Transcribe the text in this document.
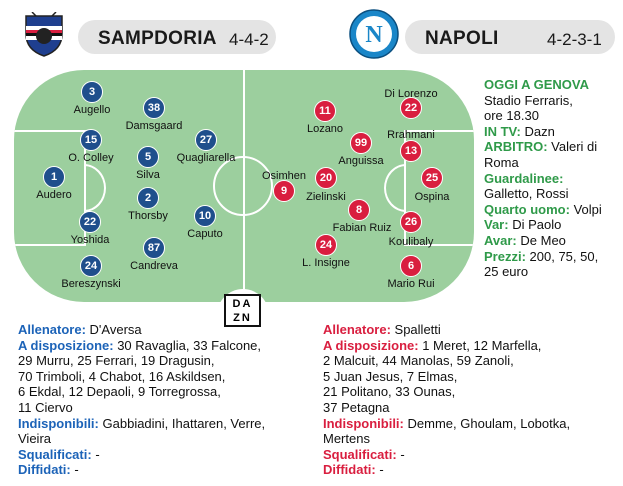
SAMPDORIA 4-4-2	N NAPOLI	4-2-3-1
DAZN
3
Augello	38
Damsgaard
15
O. Colley	5
Silva
27
Quagliarella
1
Audero	2
Thorsby
22
Yoshida
10
Caputo
87
Candreva
24
Bereszynski
11
Lozano
22
Di Lorenzo
99
Anguissa
13
Rrahmani
9
Osimhen	20
Zielinski
25
Ospina
8
Fabian Ruiz	26
Koulibaly
24
L. Insigne	6
Mario Rui
OGGI A GENOVA
Stadio Ferraris,
ore 18.30
IN TV: Dazn
ARBITRO: Valeri di
Roma
Guardalinee:
Galletto, Rossi
Quarto uomo: Volpi
Var: Di Paolo
Avar: De Meo
Prezzi: 200, 75, 50,
25 euro
Allenatore: D'Aversa
A disposizione: 30 Ravaglia, 33 Falcone,
29 Murru, 25 Ferrari, 19 Dragusin,
70 Trimboli, 4 Chabot, 16 Askildsen,
6 Ekdal, 12 Depaoli, 9 Torregrossa,
11 Ciervo
Indisponibili: Gabbiadini, Ihattaren, Verre,
Vieira
Squalificati: -
Diffidati: -
Allenatore: Spalletti
A disposizione: 1 Meret, 12 Marfella,
2 Malcuit, 44 Manolas, 59 Zanoli,
5 Juan Jesus, 7 Elmas,
21 Politano, 33 Ounas,
37 Petagna
Indisponibili: Demme, Ghoulam, Lobotka,
Mertens
Squalificati: -
Diffidati: -
